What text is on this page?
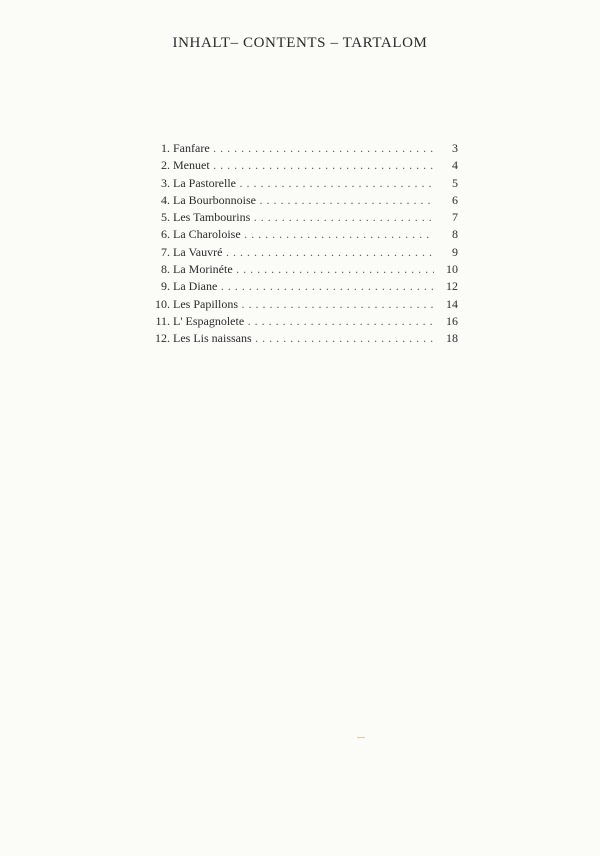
INHALT– CONTENTS – TARTALOM
1. Fanfare . .	3
2. Menuet . .	4
3. La Pastorelle . .	5
4. La Bourbonnoise . .	6
5. Les Tambourins . .	7
6. La Charoloise . .	8
7. La Vauvré . .	9
8. La Morinéte . .	10
9. La Diane . .	12
10. Les Papillons . .	14
11. L' Espagnolete . .	16
12. Les Lis naissans . .	18
